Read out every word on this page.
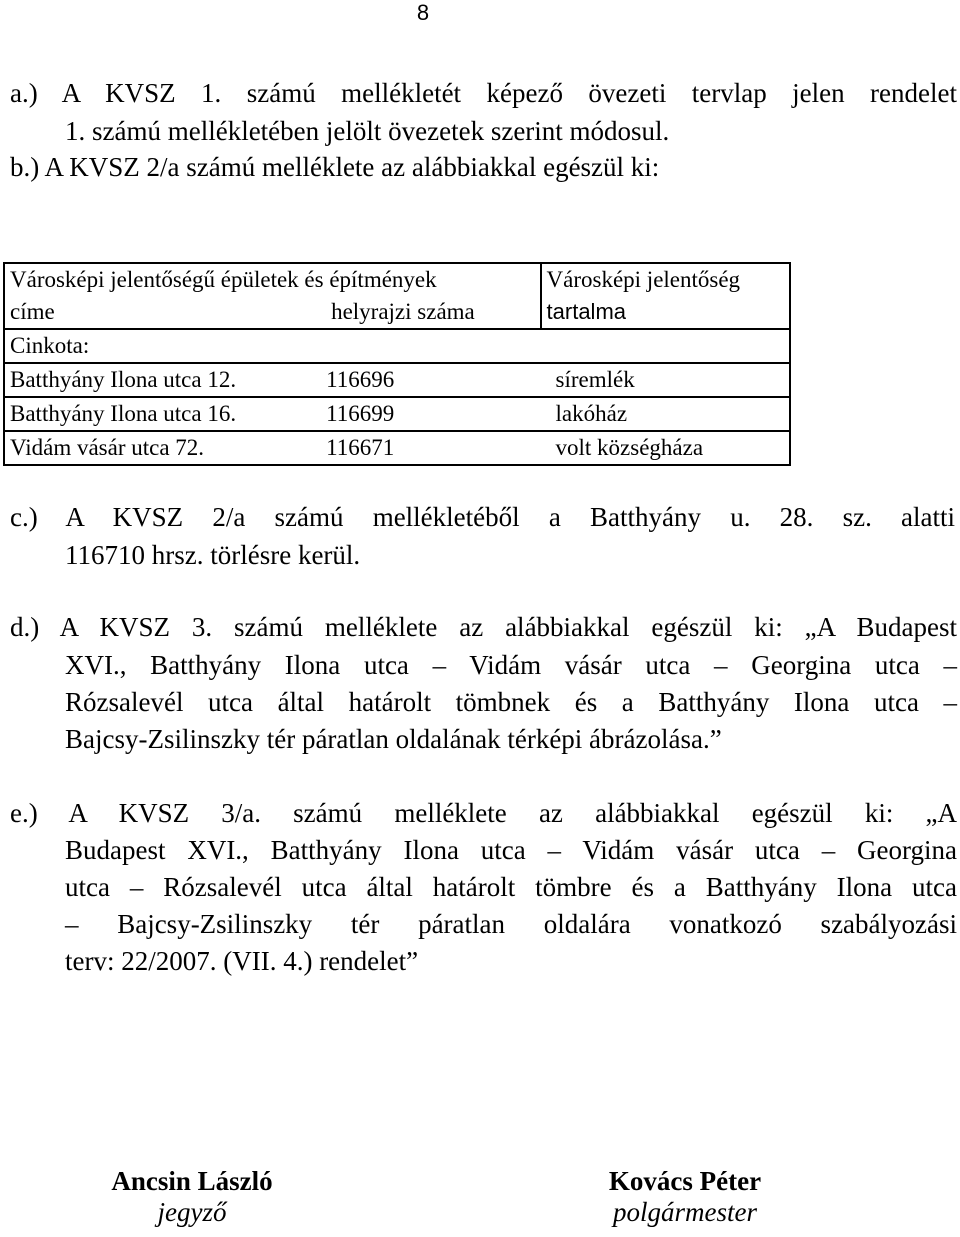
8
a.) A KVSZ 1. számú mellékletét képező övezeti tervlap jelen rendelet
1. számú mellékletében jelölt övezetek szerint módosul.
b.) A KVSZ 2/a számú melléklete az alábbiakkal egészül ki:
Városképi jelentőségű épületek és építmények		Városképi jelentőség
címe	helyrajzi száma	tartalma
Cinkota:		
Batthyány Ilona utca 12.	116696	síremlék
Batthyány Ilona utca 16.	116699	lakóház
Vidám vásár utca 72.	116671	volt községháza
c.) A KVSZ 2/a számú mellékletéből a Batthyány u. 28. sz. alatti
116710 hrsz. törlésre kerül.
d.) A KVSZ 3. számú melléklete az alábbiakkal egészül ki: „A Budapest
XVI., Batthyány Ilona utca – Vidám vásár utca – Georgina utca –
Rózsalevél utca által határolt tömbnek és a Batthyány Ilona utca –
Bajcsy-Zsilinszky tér páratlan oldalának térképi ábrázolása.”
e.) A KVSZ 3/a. számú melléklete az alábbiakkal egészül ki: „A
Budapest XVI., Batthyány Ilona utca – Vidám vásár utca – Georgina
utca – Rózsalevél utca által határolt tömbre és a Batthyány Ilona utca
– Bajcsy-Zsilinszky tér páratlan oldalára vonatkozó szabályozási
terv: 22/2007. (VII. 4.) rendelet”
Ancsin László
jegyző
Kovács Péter
polgármester
